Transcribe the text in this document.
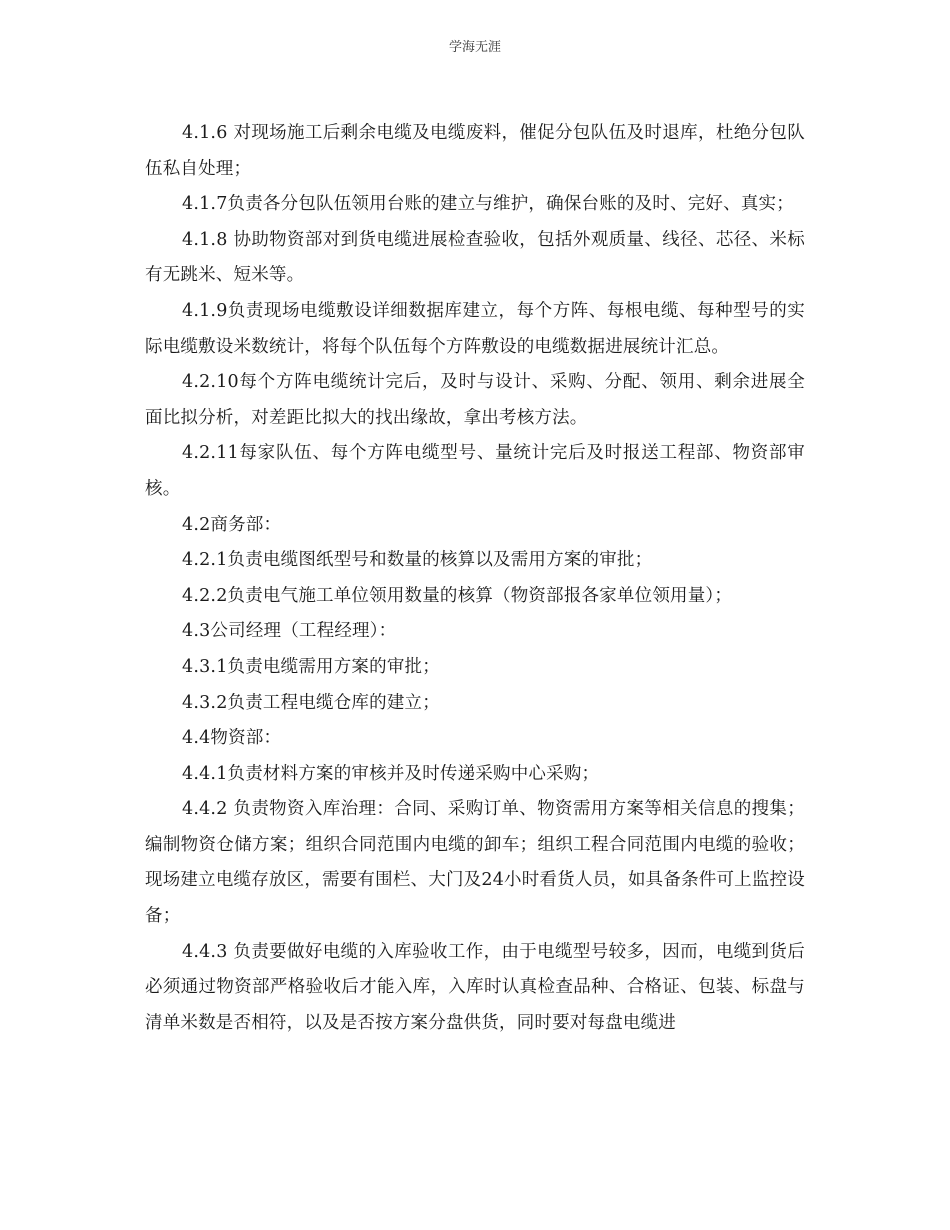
学海无涯

4.1.6 对现场施工后剩余电缆及电缆废料，催促分包队伍及时退库，杜绝分包队伍私自处理；

4.1.7负责各分包队伍领用台账的建立与维护，确保台账的及时、完好、真实；

4.1.8 协助物资部对到货电缆进展检查验收，包括外观质量、线径、芯径、米标有无跳米、短米等。

4.1.9负责现场电缆敷设详细数据库建立，每个方阵、每根电缆、每种型号的实际电缆敷设米数统计，将每个队伍每个方阵敷设的电缆数据进展统计汇总。

4.2.10每个方阵电缆统计完后，及时与设计、采购、分配、领用、剩余进展全面比拟分析，对差距比拟大的找出缘故，拿出考核方法。

4.2.11每家队伍、每个方阵电缆型号、量统计完后及时报送工程部、物资部审核。

4.2商务部：

4.2.1负责电缆图纸型号和数量的核算以及需用方案的审批；

4.2.2负责电气施工单位领用数量的核算（物资部报各家单位领用量）；

4.3公司经理（工程经理）：

4.3.1负责电缆需用方案的审批；

4.3.2负责工程电缆仓库的建立；

4.4物资部：

4.4.1负责材料方案的审核并及时传递采购中心采购；

4.4.2 负责物资入库治理：合同、采购订单、物资需用方案等相关信息的搜集；编制物资仓储方案；组织合同范围内电缆的卸车；组织工程合同范围内电缆的验收；现场建立电缆存放区，需要有围栏、大门及24小时看货人员，如具备条件可上监控设备；

4.4.3 负责要做好电缆的入库验收工作，由于电缆型号较多，因而，电缆到货后必须通过物资部严格验收后才能入库，入库时认真检查品种、合格证、包装、标盘与清单米数是否相符，以及是否按方案分盘供货，同时要对每盘电缆进
